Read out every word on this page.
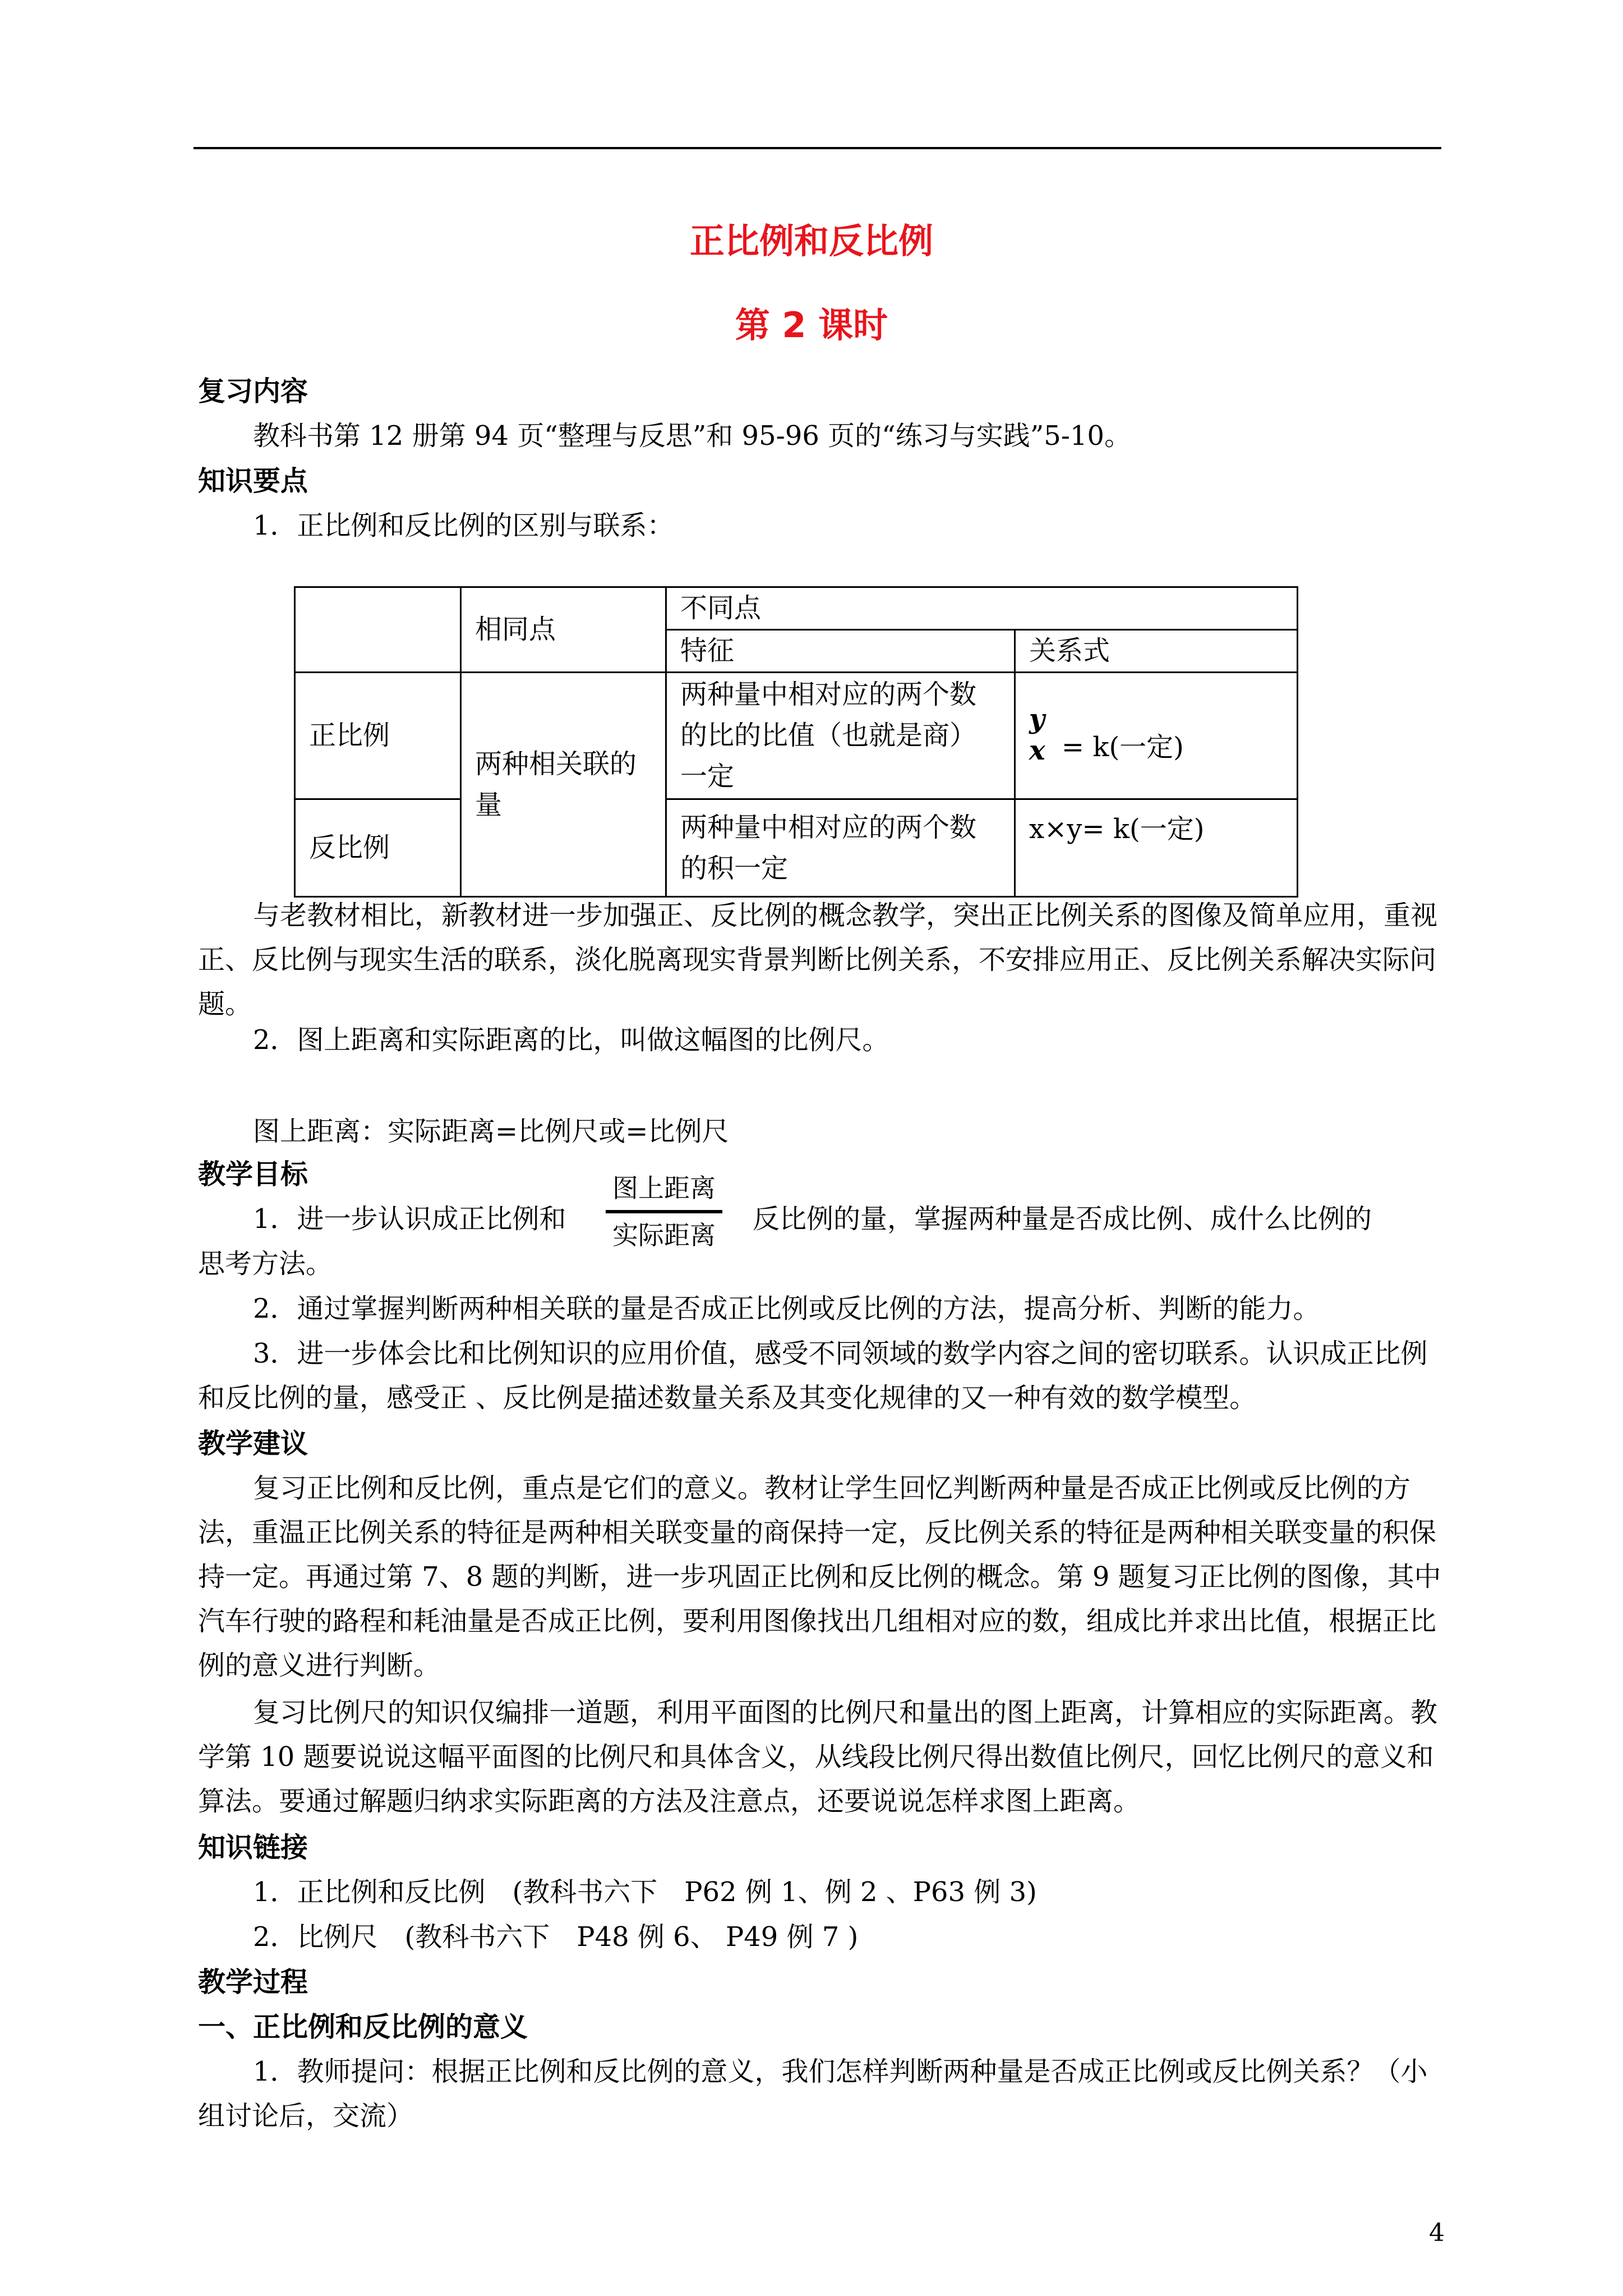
正比例和反比例
第 2 课时
复习内容
教科书第 12 册第 94 页“整理与反思”和 95-96 页的“练习与实践”5-10。
知识要点
1．正比例和反比例的区别与联系：
	相同点	不同点	
		特征	关系式
正比例	两种相关联的量	两种量中相对应的两个数的比的比值（也就是商）一定	y
x = k(一定)
反比例		两种量中相对应的两个数的积一定	x×y= k(一定)
与老教材相比，新教材进一步加强正、反比例的概念教学，突出正比例关系的图像及简单应用，重视正、反比例与现实生活的联系，淡化脱离现实背景判断比例关系，不安排应用正、反比例关系解决实际问题。
2．图上距离和实际距离的比，叫做这幅图的比例尺。
图上距离：实际距离=比例尺或=比例尺
教学目标
1．进一步认识成正比例和
图上距离
实际距离
反比例的量，掌握两种量是否成比例、成什么比例的
思考方法。
2．通过掌握判断两种相关联的量是否成正比例或反比例的方法，提高分析、判断的能力。
3．进一步体会比和比例知识的应用价值，感受不同领域的数学内容之间的密切联系。认识成正比例和反比例的量，感受正 、反比例是描述数量关系及其变化规律的又一种有效的数学模型。
教学建议
复习正比例和反比例，重点是它们的意义。教材让学生回忆判断两种量是否成正比例或反比例的方法，重温正比例关系的特征是两种相关联变量的商保持一定，反比例关系的特征是两种相关联变量的积保持一定。再通过第 7、8 题的判断，进一步巩固正比例和反比例的概念。第 9 题复习正比例的图像，其中汽车行驶的路程和耗油量是否成正比例，要利用图像找出几组相对应的数，组成比并求出比值，根据正比例的意义进行判断。
复习比例尺的知识仅编排一道题，利用平面图的比例尺和量出的图上距离，计算相应的实际距离。教学第 10 题要说说这幅平面图的比例尺和具体含义，从线段比例尺得出数值比例尺，回忆比例尺的意义和算法。要通过解题归纳求实际距离的方法及注意点，还要说说怎样求图上距离。
知识链接
1．正比例和反比例　(教科书六下　P62 例 1、例 2 、P63 例 3)
2．比例尺　(教科书六下　P48 例 6、 P49 例 7 )
教学过程
一、正比例和反比例的意义
1．教师提问：根据正比例和反比例的意义，我们怎样判断两种量是否成正比例或反比例关系？（小组讨论后，交流）
4
